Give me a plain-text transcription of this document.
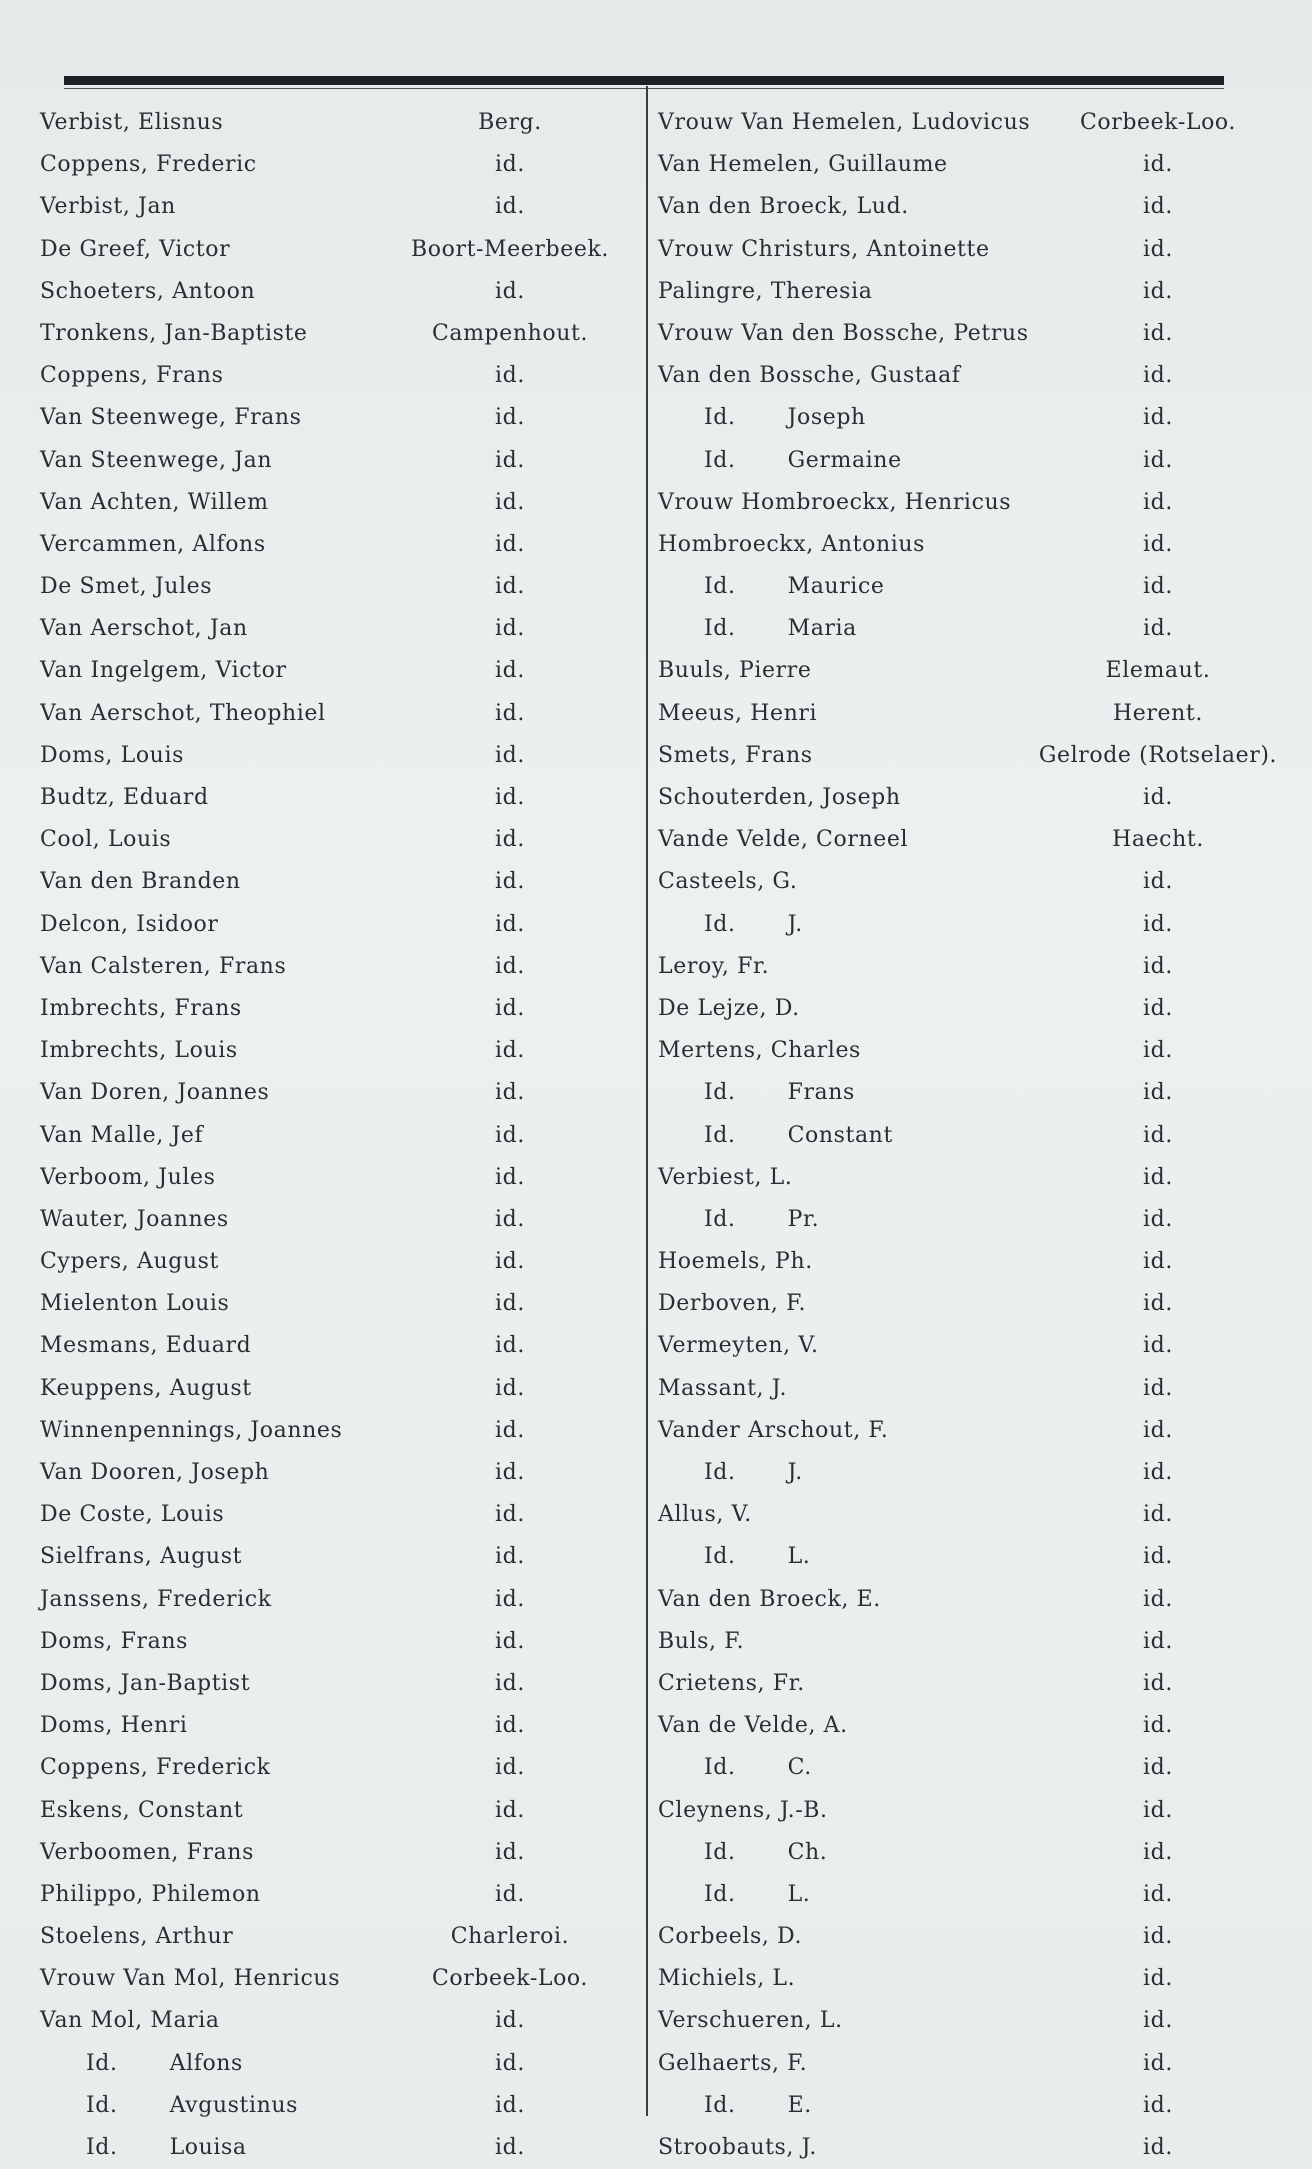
Verbist, Elisnus	Berg.
Coppens, Frederic	id.
Verbist, Jan	id.
De Greef, Victor	Boort-Meerbeek.
Schoeters, Antoon	id.
Tronkens, Jan-Baptiste	Campenhout.
Coppens, Frans	id.
Van Steenwege, Frans	id.
Van Steenwege, Jan	id.
Van Achten, Willem	id.
Vercammen, Alfons	id.
De Smet, Jules	id.
Van Aerschot, Jan	id.
Van Ingelgem, Victor	id.
Van Aerschot, Theophiel	id.
Doms, Louis	id.
Budtz, Eduard	id.
Cool, Louis	id.
Van den Branden	id.
Delcon, Isidoor	id.
Van Calsteren, Frans	id.
Imbrechts, Frans	id.
Imbrechts, Louis	id.
Van Doren, Joannes	id.
Van Malle, Jef	id.
Verboom, Jules	id.
Wauter, Joannes	id.
Cypers, August	id.
Mielenton Louis	id.
Mesmans, Eduard	id.
Keuppens, August	id.
Winnenpennings, Joannes	id.
Van Dooren, Joseph	id.
De Coste, Louis	id.
Sielfrans, August	id.
Janssens, Frederick	id.
Doms, Frans	id.
Doms, Jan-Baptist	id.
Doms, Henri	id.
Coppens, Frederick	id.
Eskens, Constant	id.
Verboomen, Frans	id.
Philippo, Philemon	id.
Stoelens, Arthur	Charleroi.
Vrouw Van Mol, Henricus	Corbeek-Loo.
Van Mol, Maria	id.
Id. Alfons	id.
Id. Avgustinus	id.
Id. Louisa	id.
Vrouw Van Hemelen, Ludovicus	Corbeek-Loo.
Van Hemelen, Guillaume	id.
Van den Broeck, Lud.	id.
Vrouw Christurs, Antoinette	id.
Palingre, Theresia	id.
Vrouw Van den Bossche, Petrus	id.
Van den Bossche, Gustaaf	id.
Id. Joseph	id.
Id. Germaine	id.
Vrouw Hombroeckx, Henricus	id.
Hombroeckx, Antonius	id.
Id. Maurice	id.
Id. Maria	id.
Buuls, Pierre	Elemaut.
Meeus, Henri	Herent.
Smets, Frans	Gelrode (Rotselaer).
Schouterden, Joseph	id.
Vande Velde, Corneel	Haecht.
Casteels, G.	id.
Id. J.	id.
Leroy, Fr.	id.
De Lejze, D.	id.
Mertens, Charles	id.
Id. Frans	id.
Id. Constant	id.
Verbiest, L.	id.
Id. Pr.	id.
Hoemels, Ph.	id.
Derboven, F.	id.
Vermeyten, V.	id.
Massant, J.	id.
Vander Arschout, F.	id.
Id. J.	id.
Allus, V.	id.
Id. L.	id.
Van den Broeck, E.	id.
Buls, F.	id.
Crietens, Fr.	id.
Van de Velde, A.	id.
Id. C.	id.
Cleynens, J.-B.	id.
Id. Ch.	id.
Id. L.	id.
Corbeels, D.	id.
Michiels, L.	id.
Verschueren, L.	id.
Gelhaerts, F.	id.
Id. E.	id.
Stroobauts, J.	id.
